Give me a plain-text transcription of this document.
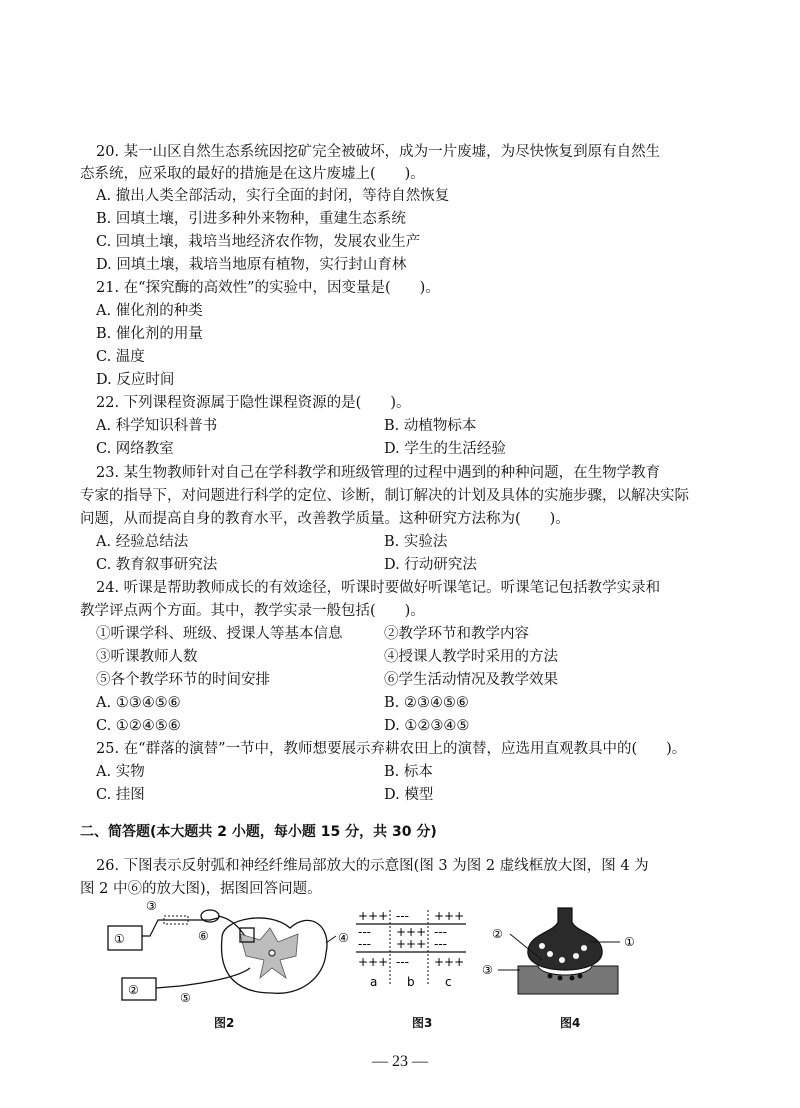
20. 某一山区自然生态系统因挖矿完全被破坏，成为一片废墟，为尽快恢复到原有自然生
态系统，应采取的最好的措施是在这片废墟上(　　)。
A. 撤出人类全部活动，实行全面的封闭，等待自然恢复
B. 回填土壤，引进多种外来物种，重建生态系统
C. 回填土壤，栽培当地经济农作物，发展农业生产
D. 回填土壤，栽培当地原有植物，实行封山育林
21. 在“探究酶的高效性”的实验中，因变量是(　　)。
A. 催化剂的种类
B. 催化剂的用量
C. 温度
D. 反应时间
22. 下列课程资源属于隐性课程资源的是(　　)。
A. 科学知识科普书	B. 动植物标本
C. 网络教室	D. 学生的生活经验
23. 某生物教师针对自己在学科教学和班级管理的过程中遇到的种种问题，在生物学教育
专家的指导下，对问题进行科学的定位、诊断，制订解决的计划及具体的实施步骤，以解决实际
问题，从而提高自身的教育水平，改善教学质量。这种研究方法称为(　　)。
A. 经验总结法	B. 实验法
C. 教育叙事研究法	D. 行动研究法
24. 听课是帮助教师成长的有效途径，听课时要做好听课笔记。听课笔记包括教学实录和
教学评点两个方面。其中，教学实录一般包括(　　)。
①听课学科、班级、授课人等基本信息	②教学环节和教学内容
③听课教师人数	④授课人教学时采用的方法
⑤各个教学环节的时间安排	⑥学生活动情况及教学效果
A. ①③④⑤⑥	B. ②③④⑤⑥
C. ①②④⑤⑥	D. ①②③④⑤
25. 在“群落的演替”一节中，教师想要展示弃耕农田上的演替，应选用直观教具中的(　　)。
A. 实物	B. 标本
C. 挂图	D. 模型
二、简答题(本大题共 2 小题，每小题 15 分，共 30 分)
26. 下图表示反射弧和神经纤维局部放大的示意图(图 3 为图 2 虚线框放大图，图 4 为
图 2 中⑥的放大图)，据图回答问题。
①
②
③
⑥
⑤
④
图2
+++ --- +++
--- +++ ---
--- +++ ---
+++ --- +++
a b	c
图3
②
①
③
图4
— 23 —
